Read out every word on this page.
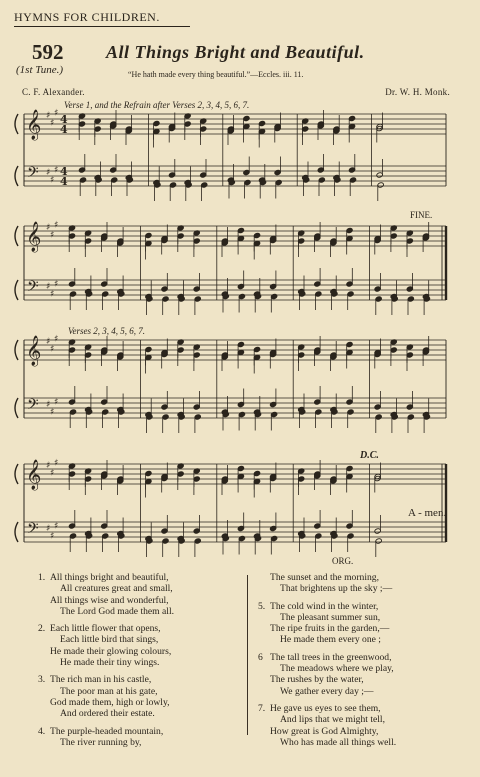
HYMNS FOR CHILDREN.
592
(1st Tune.)
All Things Bright and Beautiful.
“He hath made every thing beautiful.”—Eccles. iii. 11.
C. F. Alexander.	Dr. W. H. Monk.
Verse 1, and the Refrain after Verses 2, 3, 4, 5, 6, 7.
Verses 2, 3, 4, 5, 6, 7.
FINE.
D.C.
A - men.
ORG.
𝄞
𝄢
♯
♯
♯
♯
♯
♯
4
4
4
4
𝄞
𝄢
♯
♯
♯
♯
♯
♯
𝄞
𝄢
♯
♯
♯
♯
♯
♯
𝄞
𝄢
♯
♯
♯
♯
♯
♯
1. All things bright and beautiful,
All creatures great and small,
All things wise and wonderful,
The Lord God made them all.
2. Each little flower that opens,
Each little bird that sings,
He made their glowing colours,
He made their tiny wings.
3. The rich man in his castle,
The poor man at his gate,
God made them, high or lowly,
And ordered their estate.
4. The purple-headed mountain,
The river running by,
The sunset and the morning,
That brightens up the sky ;—
5. The cold wind in the winter,
The pleasant summer sun,
The ripe fruits in the garden,—
He made them every one ;
6 The tall trees in the greenwood,
The meadows where we play,
The rushes by the water,
We gather every day ;—
7. He gave us eyes to see them,
And lips that we might tell,
How great is God Almighty,
Who has made all things well.
